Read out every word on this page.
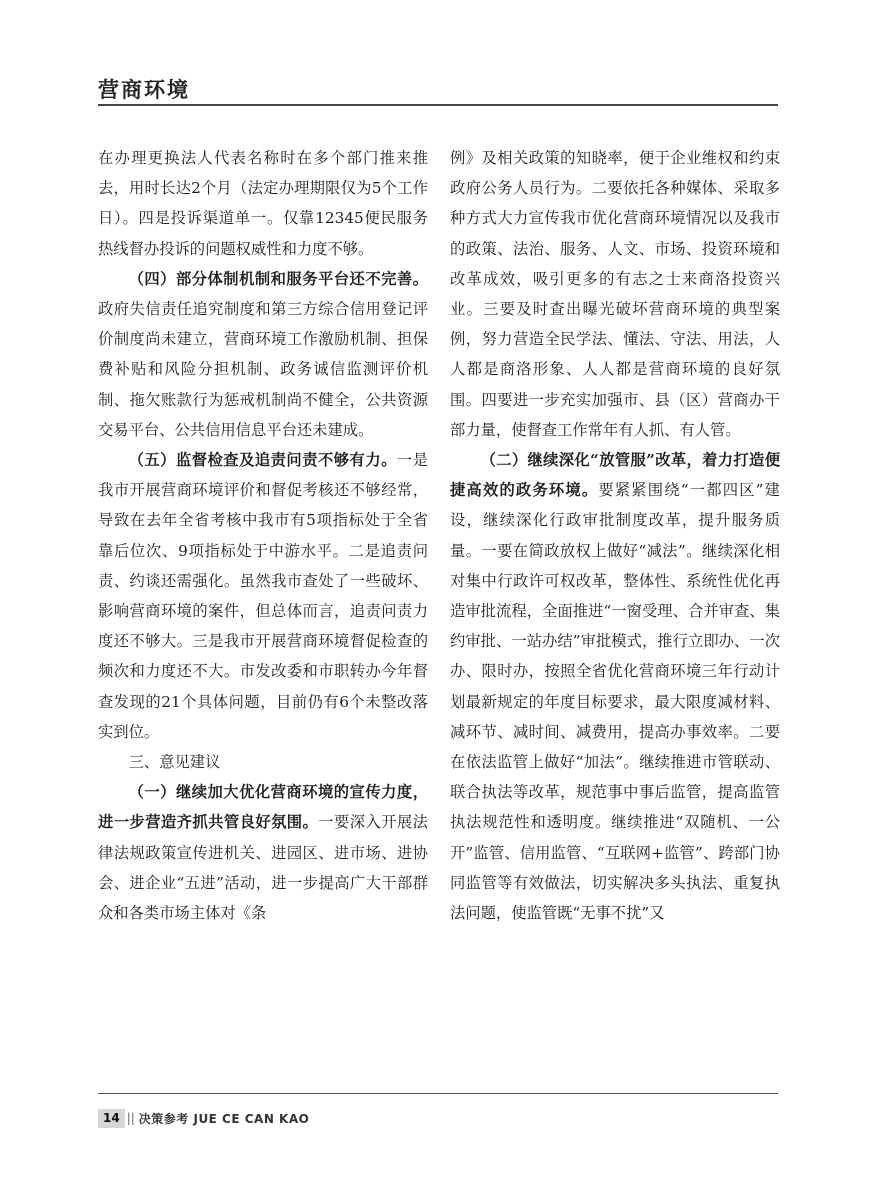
营商环境

在办理更换法人代表名称时在多个部门推来推去，用时长达2个月（法定办理期限仅为5个工作日）。四是投诉渠道单一。仅靠12345便民服务热线督办投诉的问题权威性和力度不够。

（四）部分体制机制和服务平台还不完善。政府失信责任追究制度和第三方综合信用登记评价制度尚未建立，营商环境工作激励机制、担保费补贴和风险分担机制、政务诚信监测评价机制、拖欠账款行为惩戒机制尚不健全，公共资源交易平台、公共信用信息平台还未建成。

（五）监督检查及追责问责不够有力。一是我市开展营商环境评价和督促考核还不够经常，导致在去年全省考核中我市有5项指标处于全省靠后位次、9项指标处于中游水平。二是追责问责、约谈还需强化。虽然我市查处了一些破坏、影响营商环境的案件，但总体而言，追责问责力度还不够大。三是我市开展营商环境督促检查的频次和力度还不大。市发改委和市职转办今年督查发现的21个具体问题，目前仍有6个未整改落实到位。

三、意见建议

（一）继续加大优化营商环境的宣传力度，进一步营造齐抓共管良好氛围。一要深入开展法律法规政策宣传进机关、进园区、进市场、进协会、进企业“五进”活动，进一步提高广大干部群众和各类市场主体对《条

例》及相关政策的知晓率，便于企业维权和约束政府公务人员行为。二要依托各种媒体、采取多种方式大力宣传我市优化营商环境情况以及我市的政策、法治、服务、人文、市场、投资环境和改革成效，吸引更多的有志之士来商洛投资兴业。三要及时查出曝光破坏营商环境的典型案例，努力营造全民学法、懂法、守法、用法，人人都是商洛形象、人人都是营商环境的良好氛围。四要进一步充实加强市、县（区）营商办干部力量，使督查工作常年有人抓、有人管。

（二）继续深化“放管服”改革，着力打造便捷高效的政务环境。要紧紧围绕“一都四区”建设，继续深化行政审批制度改革，提升服务质量。一要在简政放权上做好“减法”。继续深化相对集中行政许可权改革，整体性、系统性优化再造审批流程，全面推进“一窗受理、合并审查、集约审批、一站办结”审批模式，推行立即办、一次办、限时办，按照全省优化营商环境三年行动计划最新规定的年度目标要求，最大限度减材料、减环节、减时间、减费用，提高办事效率。二要在依法监管上做好“加法”。继续推进市管联动、联合执法等改革，规范事中事后监管，提高监管执法规范性和透明度。继续推进“双随机、一公开”监管、信用监管、“互联网+监管”、跨部门协同监管等有效做法，切实解决多头执法、重复执法问题，使监管既“无事不扰”又

14 || 决策参考 JUE CE CAN KAO
